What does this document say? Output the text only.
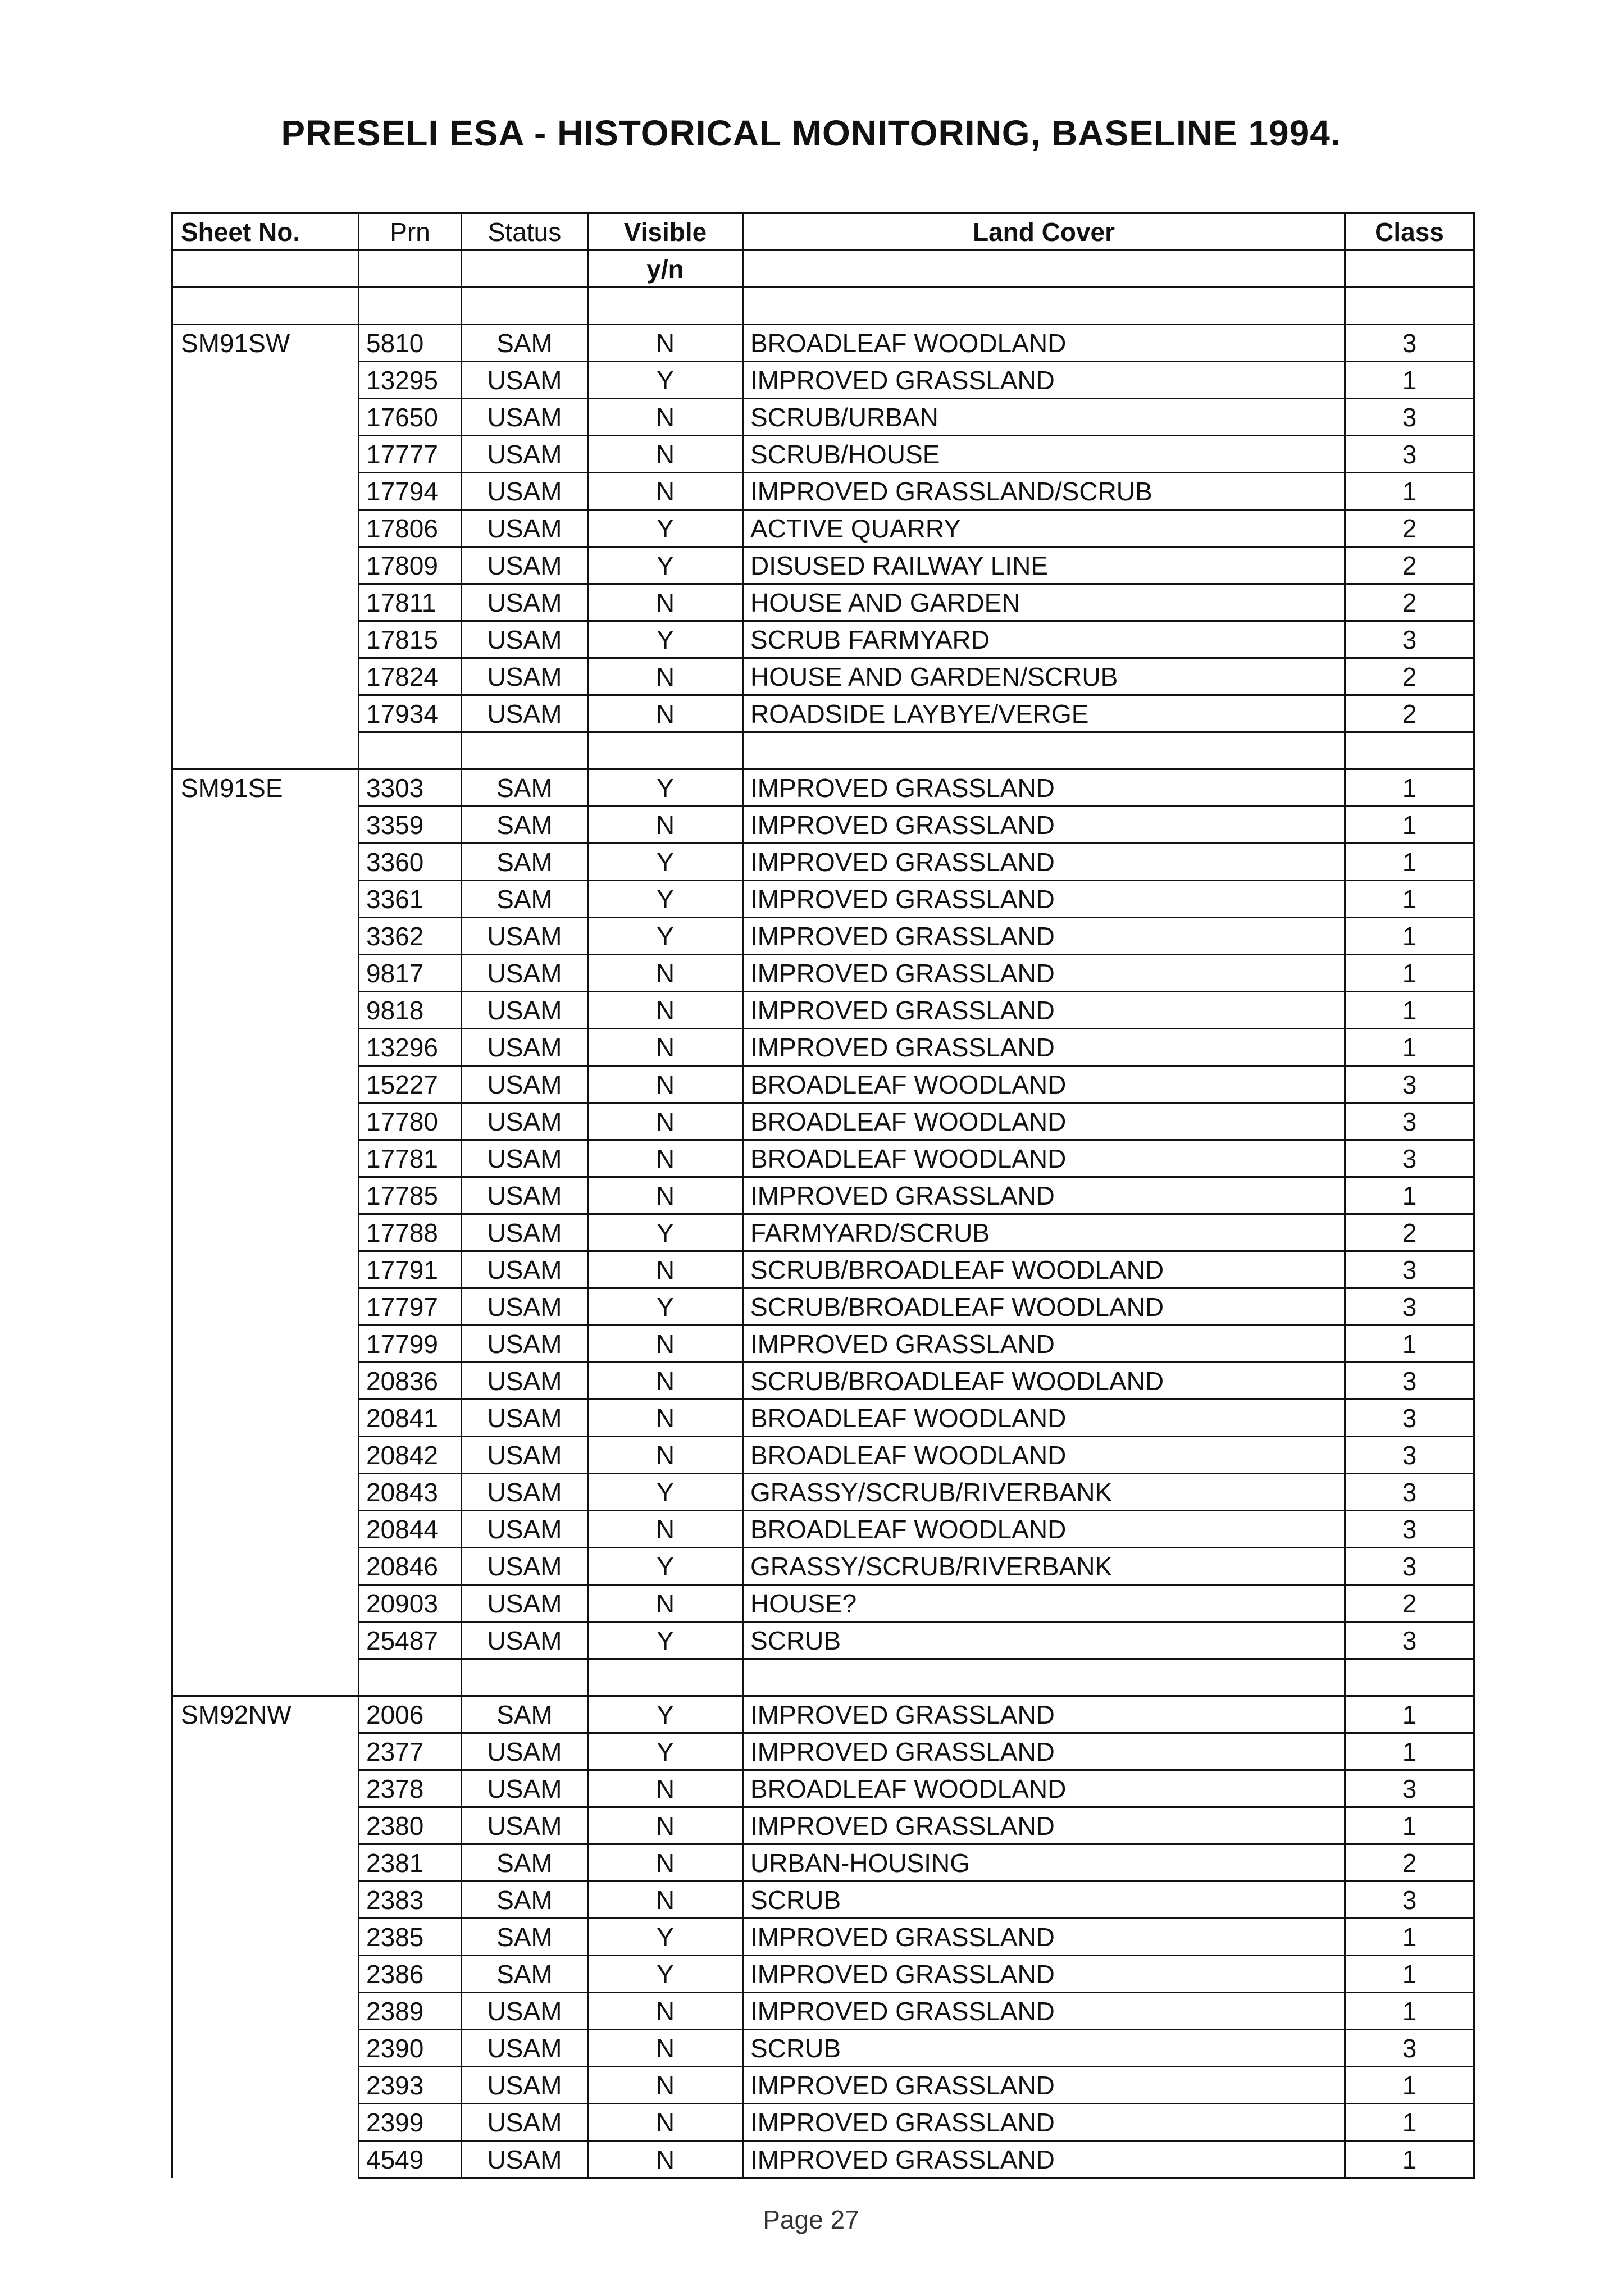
PRESELI ESA - HISTORICAL MONITORING, BASELINE 1994.
Sheet No.	Prn	Status	Visible	Land Cover	Class
			y/n		

SM91SW	5810	SAM	N	BROADLEAF WOODLAND	3
	13295	USAM	Y	IMPROVED GRASSLAND	1
	17650	USAM	N	SCRUB/URBAN	3
	17777	USAM	N	SCRUB/HOUSE	3
	17794	USAM	N	IMPROVED GRASSLAND/SCRUB	1
	17806	USAM	Y	ACTIVE QUARRY	2
	17809	USAM	Y	DISUSED RAILWAY LINE	2
	17811	USAM	N	HOUSE AND GARDEN	2
	17815	USAM	Y	SCRUB FARMYARD	3
	17824	USAM	N	HOUSE AND GARDEN/SCRUB	2
	17934	USAM	N	ROADSIDE LAYBYE/VERGE	2

SM91SE	3303	SAM	Y	IMPROVED GRASSLAND	1
	3359	SAM	N	IMPROVED GRASSLAND	1
	3360	SAM	Y	IMPROVED GRASSLAND	1
	3361	SAM	Y	IMPROVED GRASSLAND	1
	3362	USAM	Y	IMPROVED GRASSLAND	1
	9817	USAM	N	IMPROVED GRASSLAND	1
	9818	USAM	N	IMPROVED GRASSLAND	1
	13296	USAM	N	IMPROVED GRASSLAND	1
	15227	USAM	N	BROADLEAF WOODLAND	3
	17780	USAM	N	BROADLEAF WOODLAND	3
	17781	USAM	N	BROADLEAF WOODLAND	3
	17785	USAM	N	IMPROVED GRASSLAND	1
	17788	USAM	Y	FARMYARD/SCRUB	2
	17791	USAM	N	SCRUB/BROADLEAF WOODLAND	3
	17797	USAM	Y	SCRUB/BROADLEAF WOODLAND	3
	17799	USAM	N	IMPROVED GRASSLAND	1
	20836	USAM	N	SCRUB/BROADLEAF WOODLAND	3
	20841	USAM	N	BROADLEAF WOODLAND	3
	20842	USAM	N	BROADLEAF WOODLAND	3
	20843	USAM	Y	GRASSY/SCRUB/RIVERBANK	3
	20844	USAM	N	BROADLEAF WOODLAND	3
	20846	USAM	Y	GRASSY/SCRUB/RIVERBANK	3
	20903	USAM	N	HOUSE?	2
	25487	USAM	Y	SCRUB	3

SM92NW	2006	SAM	Y	IMPROVED GRASSLAND	1
	2377	USAM	Y	IMPROVED GRASSLAND	1
	2378	USAM	N	BROADLEAF WOODLAND	3
	2380	USAM	N	IMPROVED GRASSLAND	1
	2381	SAM	N	URBAN-HOUSING	2
	2383	SAM	N	SCRUB	3
	2385	SAM	Y	IMPROVED GRASSLAND	1
	2386	SAM	Y	IMPROVED GRASSLAND	1
	2389	USAM	N	IMPROVED GRASSLAND	1
	2390	USAM	N	SCRUB	3
	2393	USAM	N	IMPROVED GRASSLAND	1
	2399	USAM	N	IMPROVED GRASSLAND	1
	4549	USAM	N	IMPROVED GRASSLAND	1
Page 27
